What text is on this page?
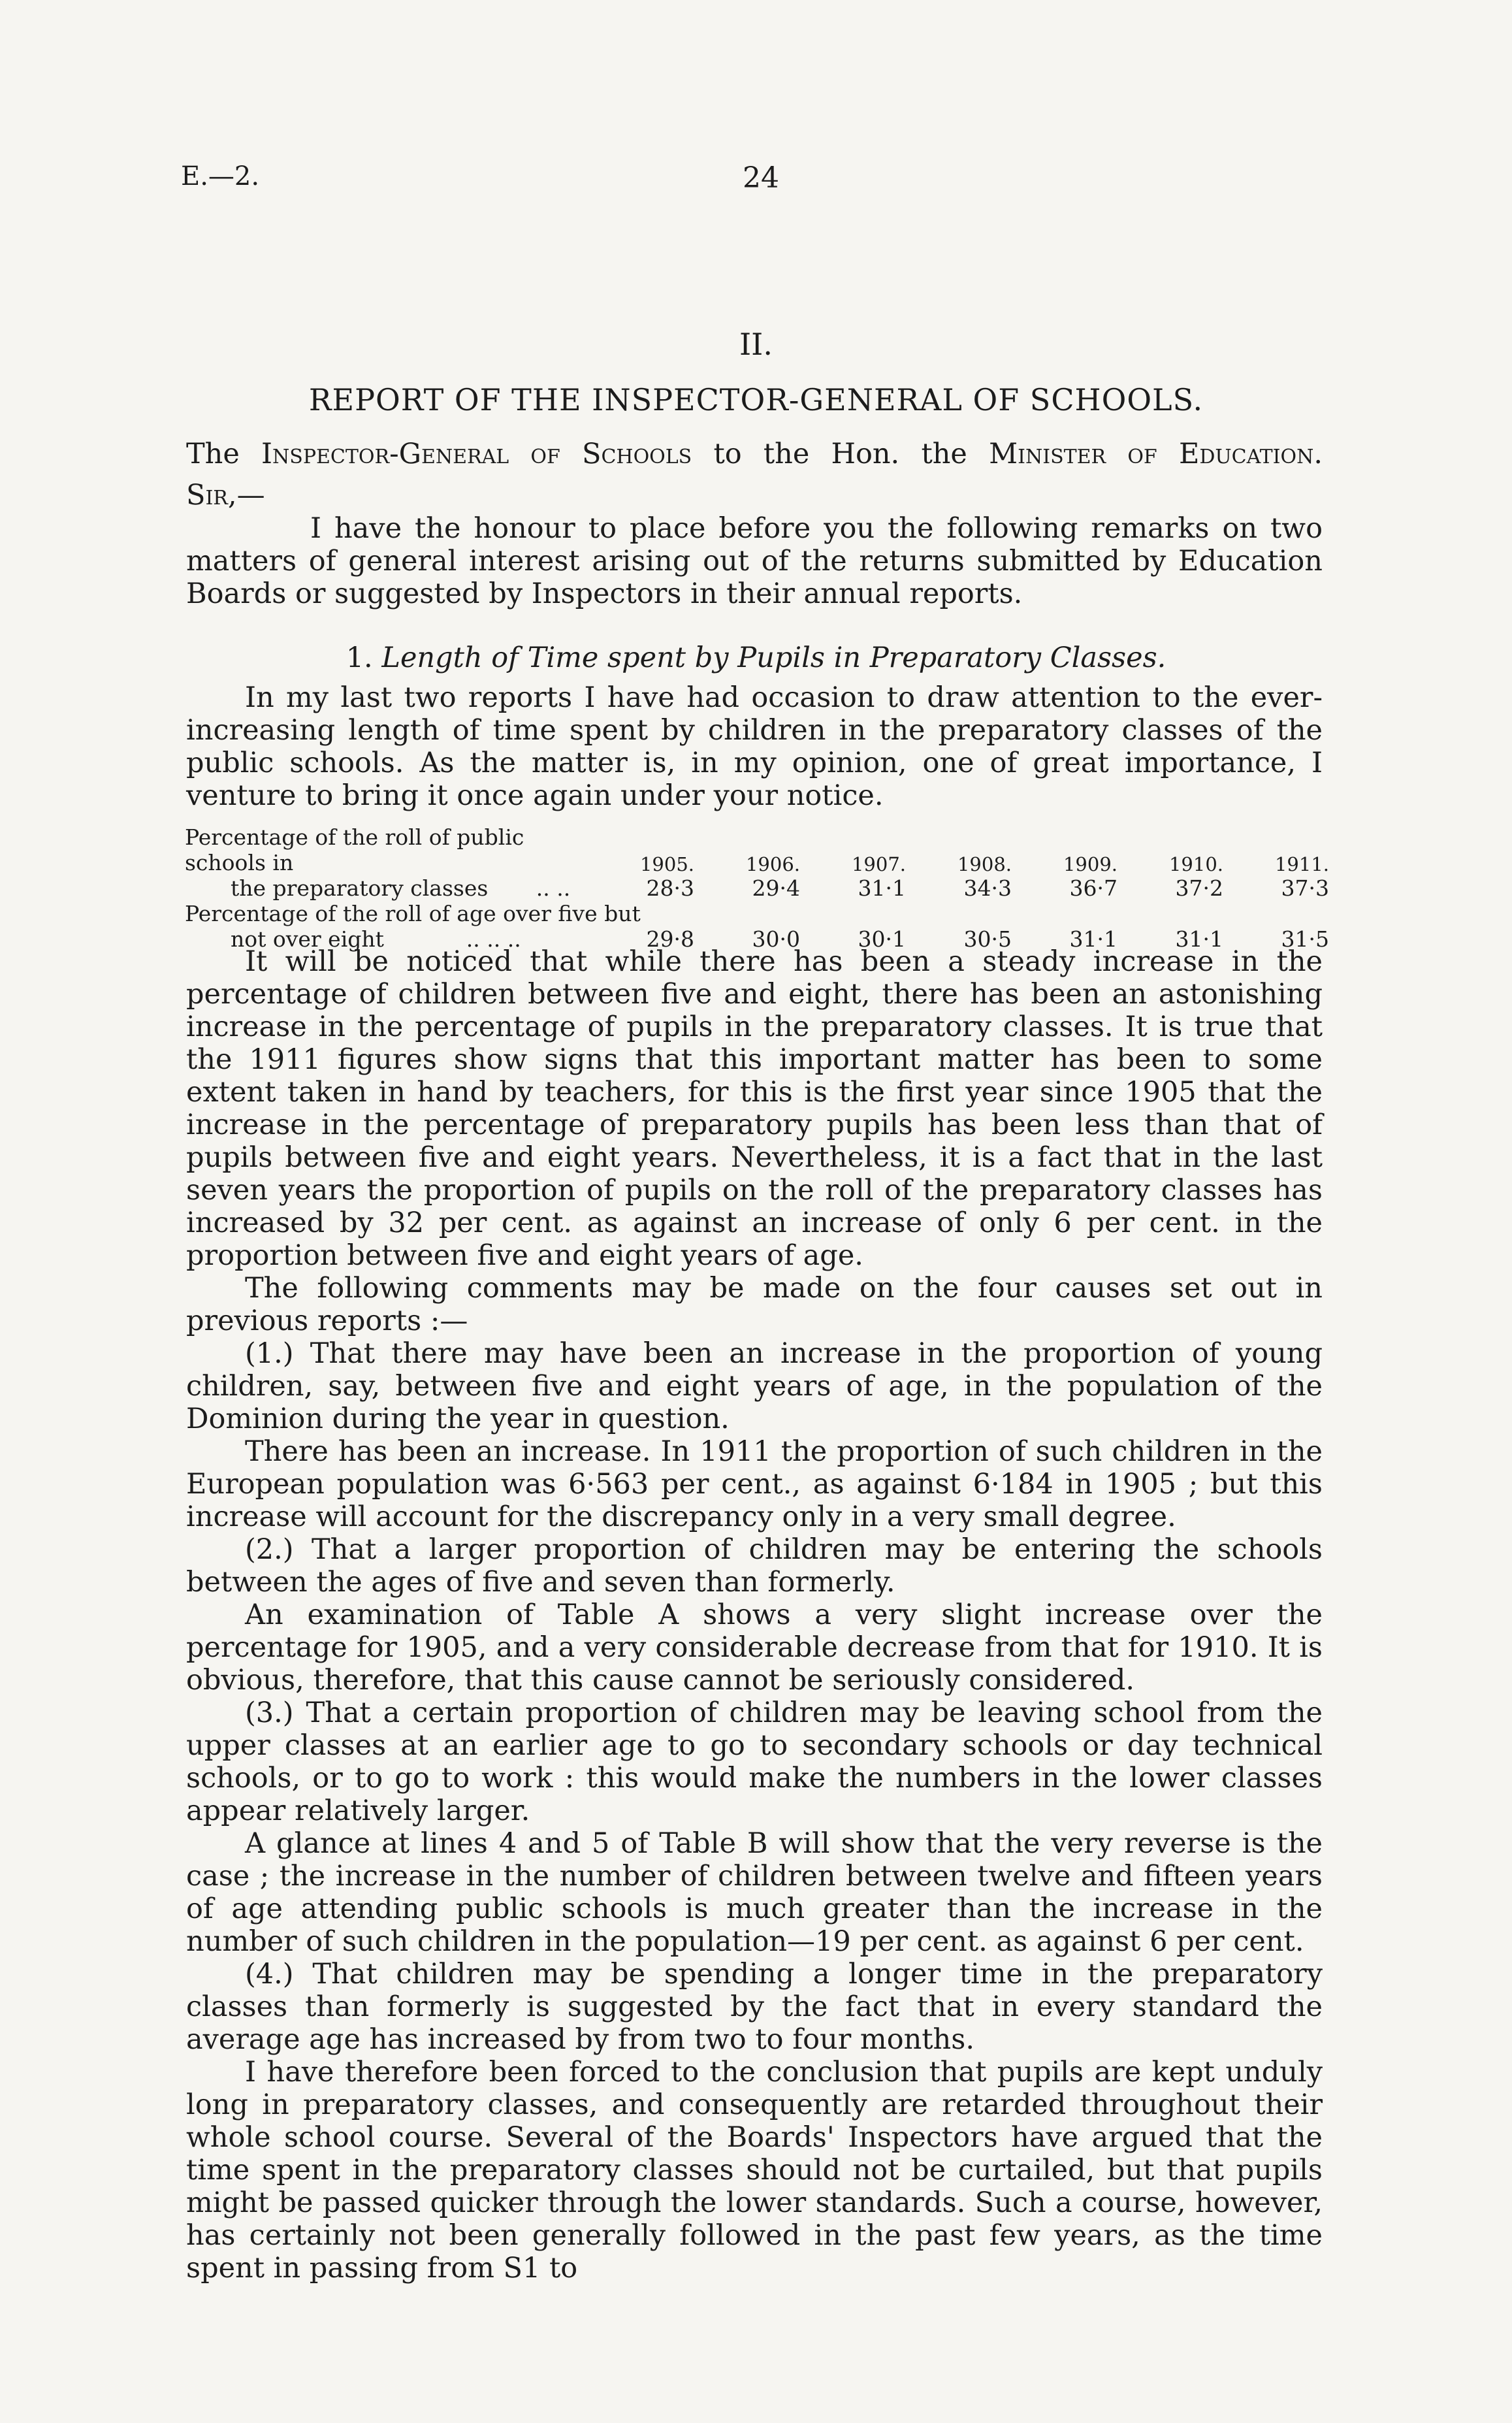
E.—2.	24
II.
REPORT OF THE INSPECTOR-GENERAL OF SCHOOLS.
The Inspector-General of Schools to the Hon. the Minister of Education.
Sir,—

I have the honour to place before you the following remarks on two matters of general interest arising out of the returns submitted by Education Boards or suggested by Inspectors in their annual reports.

1. Length of Time spent by Pupils in Preparatory Classes.

In my last two reports I have had occasion to draw attention to the ever-increasing length of time spent by children in the preparatory classes of the public schools. As the matter is, in my opinion, one of great importance, I venture to bring it once again under your notice.

Percentage of the roll of public schools in	1905.	1906.	1907.	1908.	1909.	1910.	1911.
the preparatory classes .. ..	28·3	29·4	31·1	34·3	36·7	37·2	37·3
Percentage of the roll of age over five but							
not over eight .. .. ..	29·8	30·0	30·1	30·5	31·1	31·1	31·5

It will be noticed that while there has been a steady increase in the percentage of children between five and eight, there has been an astonishing increase in the percentage of pupils in the preparatory classes. It is true that the 1911 figures show signs that this important matter has been to some extent taken in hand by teachers, for this is the first year since 1905 that the increase in the percentage of preparatory pupils has been less than that of pupils between five and eight years. Nevertheless, it is a fact that in the last seven years the proportion of pupils on the roll of the preparatory classes has increased by 32 per cent. as against an increase of only 6 per cent. in the proportion between five and eight years of age.

The following comments may be made on the four causes set out in previous reports :—

(1.) That there may have been an increase in the proportion of young children, say, between five and eight years of age, in the population of the Dominion during the year in question.

There has been an increase. In 1911 the proportion of such children in the European population was 6·563 per cent., as against 6·184 in 1905 ; but this increase will account for the discrepancy only in a very small degree.

(2.) That a larger proportion of children may be entering the schools between the ages of five and seven than formerly.

An examination of Table A shows a very slight increase over the percentage for 1905, and a very considerable decrease from that for 1910. It is obvious, therefore, that this cause cannot be seriously considered.

(3.) That a certain proportion of children may be leaving school from the upper classes at an earlier age to go to secondary schools or day technical schools, or to go to work : this would make the numbers in the lower classes appear relatively larger.

A glance at lines 4 and 5 of Table B will show that the very reverse is the case ; the increase in the number of children between twelve and fifteen years of age attending public schools is much greater than the increase in the number of such children in the population—19 per cent. as against 6 per cent.

(4.) That children may be spending a longer time in the preparatory classes than formerly is suggested by the fact that in every standard the average age has increased by from two to four months.

I have therefore been forced to the conclusion that pupils are kept unduly long in preparatory classes, and consequently are retarded throughout their whole school course. Several of the Boards' Inspectors have argued that the time spent in the preparatory classes should not be curtailed, but that pupils might be passed quicker through the lower standards. Such a course, however, has certainly not been generally followed in the past few years, as the time spent in passing from S1 to
